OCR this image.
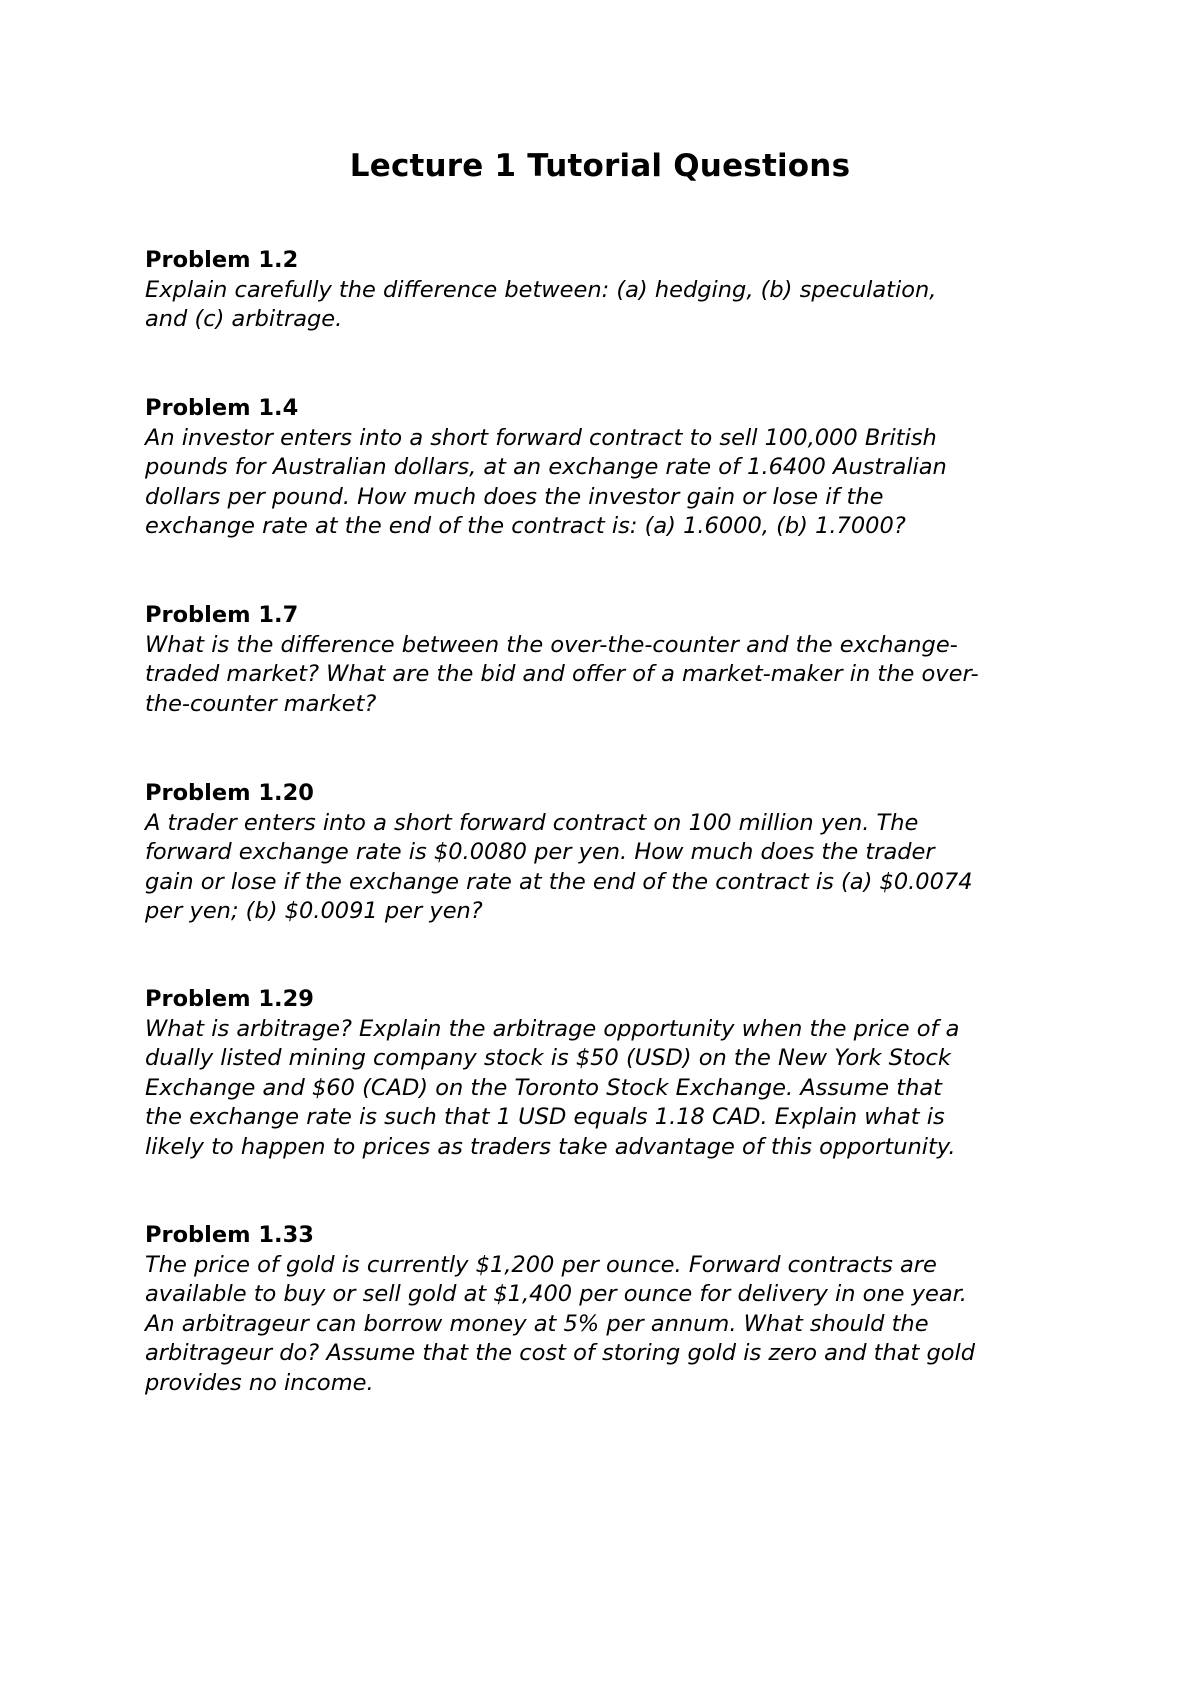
Lecture 1 Tutorial Questions
Problem 1.2
Explain carefully the difference between: (a) hedging, (b) speculation,
and (c) arbitrage.
Problem 1.4
An investor enters into a short forward contract to sell 100,000 British
pounds for Australian dollars, at an exchange rate of 1.6400 Australian
dollars per pound. How much does the investor gain or lose if the
exchange rate at the end of the contract is: (a) 1.6000, (b) 1.7000?
Problem 1.7
What is the difference between the over-the-counter and the exchange-
traded market? What are the bid and offer of a market-maker in the over-
the-counter market?
Problem 1.20
A trader enters into a short forward contract on 100 million yen. The
forward exchange rate is $0.0080 per yen. How much does the trader
gain or lose if the exchange rate at the end of the contract is (a) $0.0074
per yen; (b) $0.0091 per yen?
Problem 1.29
What is arbitrage? Explain the arbitrage opportunity when the price of a
dually listed mining company stock is $50 (USD) on the New York Stock
Exchange and $60 (CAD) on the Toronto Stock Exchange. Assume that
the exchange rate is such that 1 USD equals 1.18 CAD. Explain what is
likely to happen to prices as traders take advantage of this opportunity.
Problem 1.33
The price of gold is currently $1,200 per ounce. Forward contracts are
available to buy or sell gold at $1,400 per ounce for delivery in one year.
An arbitrageur can borrow money at 5% per annum. What should the
arbitrageur do? Assume that the cost of storing gold is zero and that gold
provides no income.
